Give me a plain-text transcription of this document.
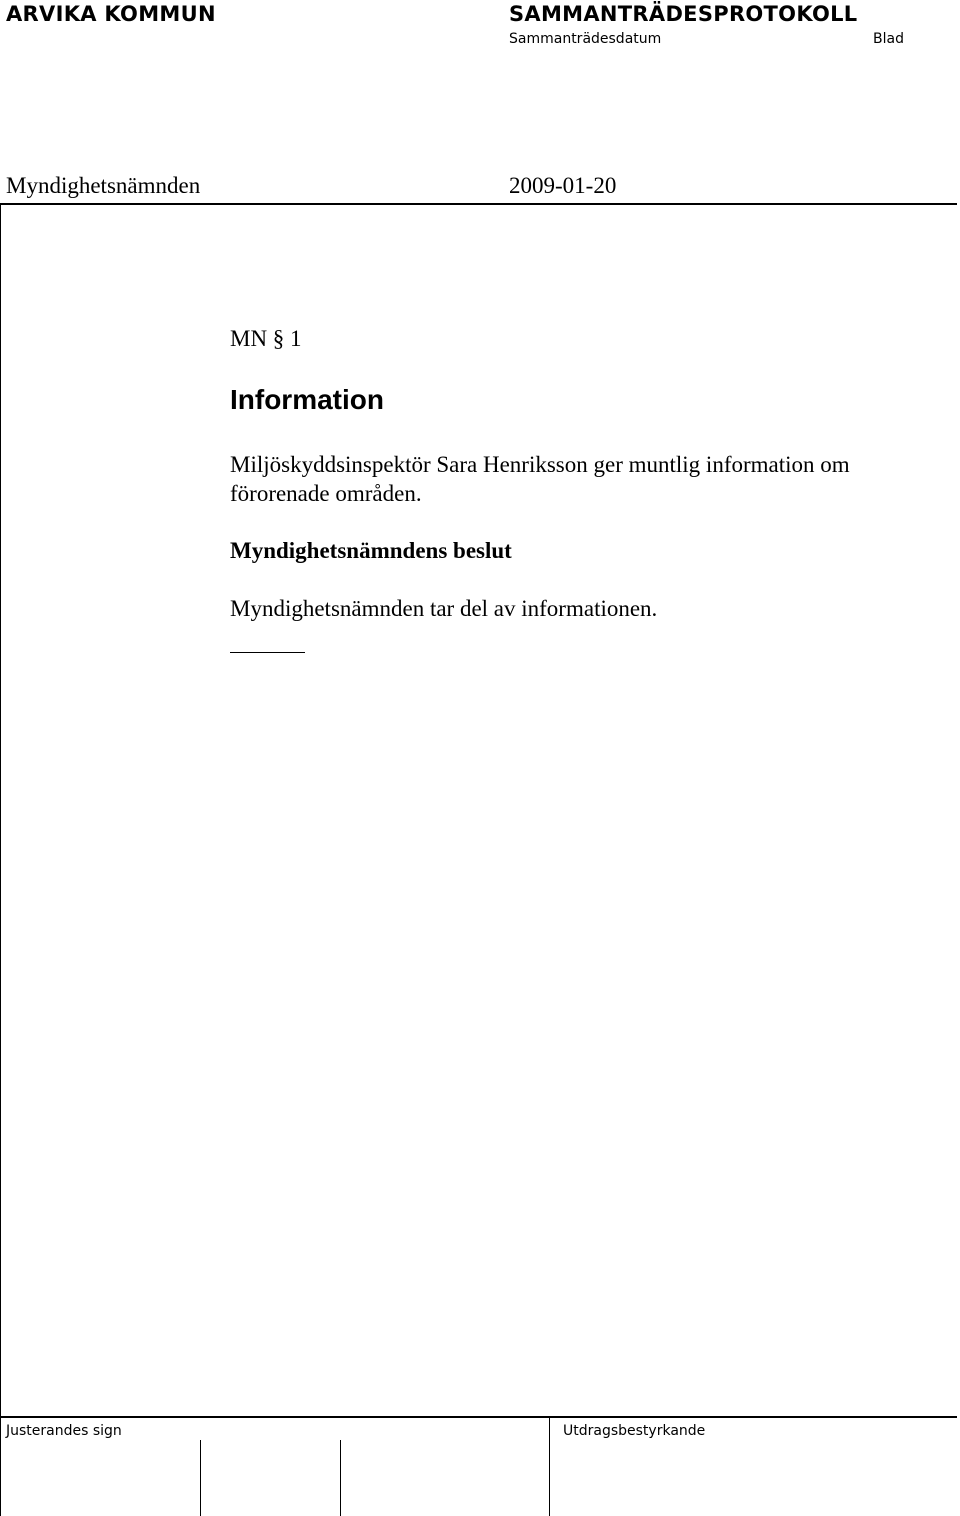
ARVIKA KOMMUN	SAMMANTRÄDESPROTOKOLL
Sammanträdesdatum	Blad
Myndighetsnämnden	2009-01-20
MN § 1
Information
Miljöskyddsinspektör Sara Henriksson ger muntlig information om
förorenade områden.
Myndighetsnämndens beslut
Myndighetsnämnden tar del av informationen.
Justerandes sign	Utdragsbestyrkande
